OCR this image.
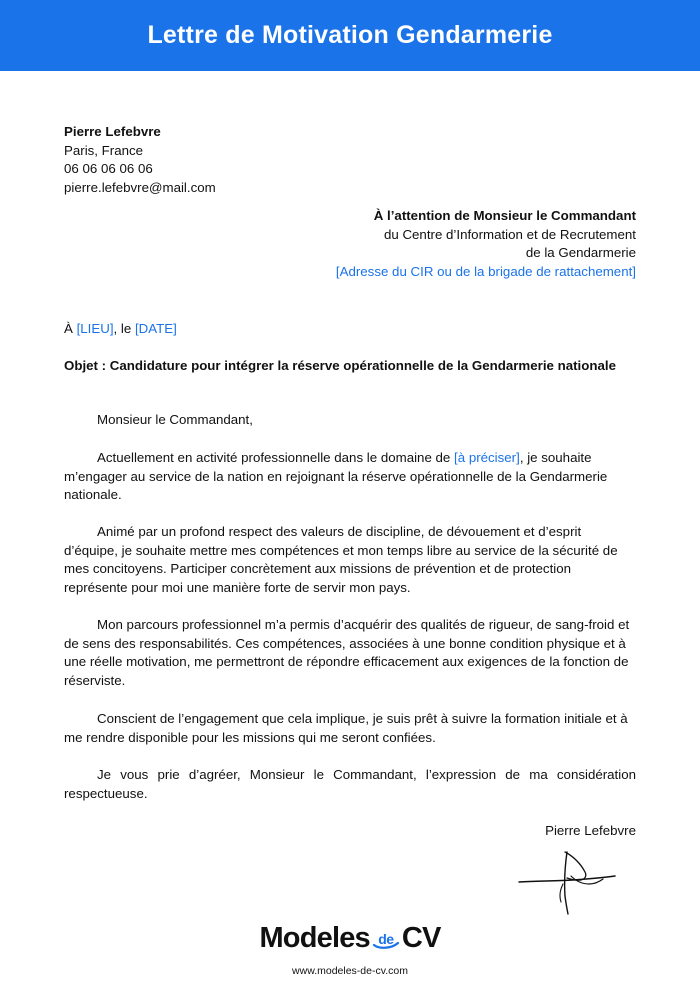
Lettre de Motivation Gendarmerie
Pierre Lefebvre
Paris, France
06 06 06 06 06
pierre.lefebvre@mail.com
À l’attention de Monsieur le Commandant
du Centre d’Information et de Recrutement
de la Gendarmerie
[Adresse du CIR ou de la brigade de rattachement]
À [LIEU], le [DATE]
Objet : Candidature pour intégrer la réserve opérationnelle de la Gendarmerie nationale

Monsieur le Commandant,

Actuellement en activité professionnelle dans le domaine de [à préciser], je souhaite m’engager au service de la nation en rejoignant la réserve opérationnelle de la Gendarmerie nationale.

Animé par un profond respect des valeurs de discipline, de dévouement et d’esprit d’équipe, je souhaite mettre mes compétences et mon temps libre au service de la sécurité de mes concitoyens. Participer concrètement aux missions de prévention et de protection représente pour moi une manière forte de servir mon pays.

Mon parcours professionnel m’a permis d’acquérir des qualités de rigueur, de sang-froid et de sens des responsabilités. Ces compétences, associées à une bonne condition physique et à une réelle motivation, me permettront de répondre efficacement aux exigences de la fonction de réserviste.

Conscient de l’engagement que cela implique, je suis prêt à suivre la formation initiale et à me rendre disponible pour les missions qui me seront confiées.

Je vous prie d’agréer, Monsieur le Commandant, l’expression de ma considération respectueuse.

Pierre Lefebvre
Modeles de CV
www.modeles-de-cv.com
